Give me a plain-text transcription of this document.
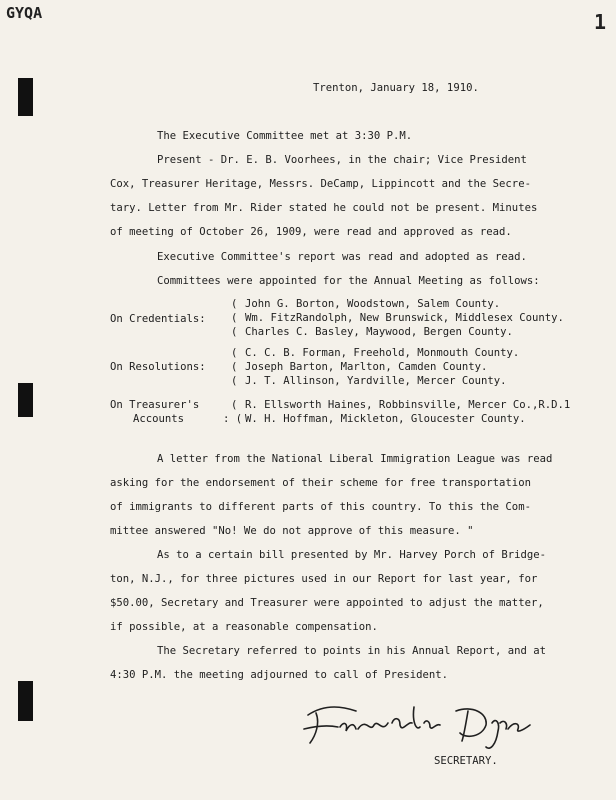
GYQA	1
Trenton, January 18, 1910.
The Executive Committee met at 3:30 P.M.
Present - Dr. E. B. Voorhees, in the chair; Vice President
Cox, Treasurer Heritage, Messrs. DeCamp, Lippincott and the Secre-
tary. Letter from Mr. Rider stated he could not be present. Minutes
of meeting of October 26, 1909, were read and approved as read.
Executive Committee's report was read and adopted as read.
Committees were appointed for the Annual Meeting as follows:
On Credentials:
(
(
(
John G. Borton, Woodstown, Salem County.
Wm. FitzRandolph, New Brunswick, Middlesex County.
Charles C. Basley, Maywood, Bergen County.
On Resolutions:
(
(
(
C. C. B. Forman, Freehold, Monmouth County.
Joseph Barton, Marlton, Camden County.
J. T. Allinson, Yardville, Mercer County.
On Treasurer's
Accounts
(
: (
R. Ellsworth Haines, Robbinsville, Mercer Co.,R.D.1
W. H. Hoffman, Mickleton, Gloucester County.
A letter from the National Liberal Immigration League was read
asking for the endorsement of their scheme for free transportation
of immigrants to different parts of this country. To this the Com-
mittee answered "No! We do not approve of this measure. "
As to a certain bill presented by Mr. Harvey Porch of Bridge-
ton, N.J., for three pictures used in our Report for last year, for
$50.00, Secretary and Treasurer were appointed to adjust the matter,
if possible, at a reasonable compensation.
The Secretary referred to points in his Annual Report, and at
4:30 P.M. the meeting adjourned to call of President.
SECRETARY.
